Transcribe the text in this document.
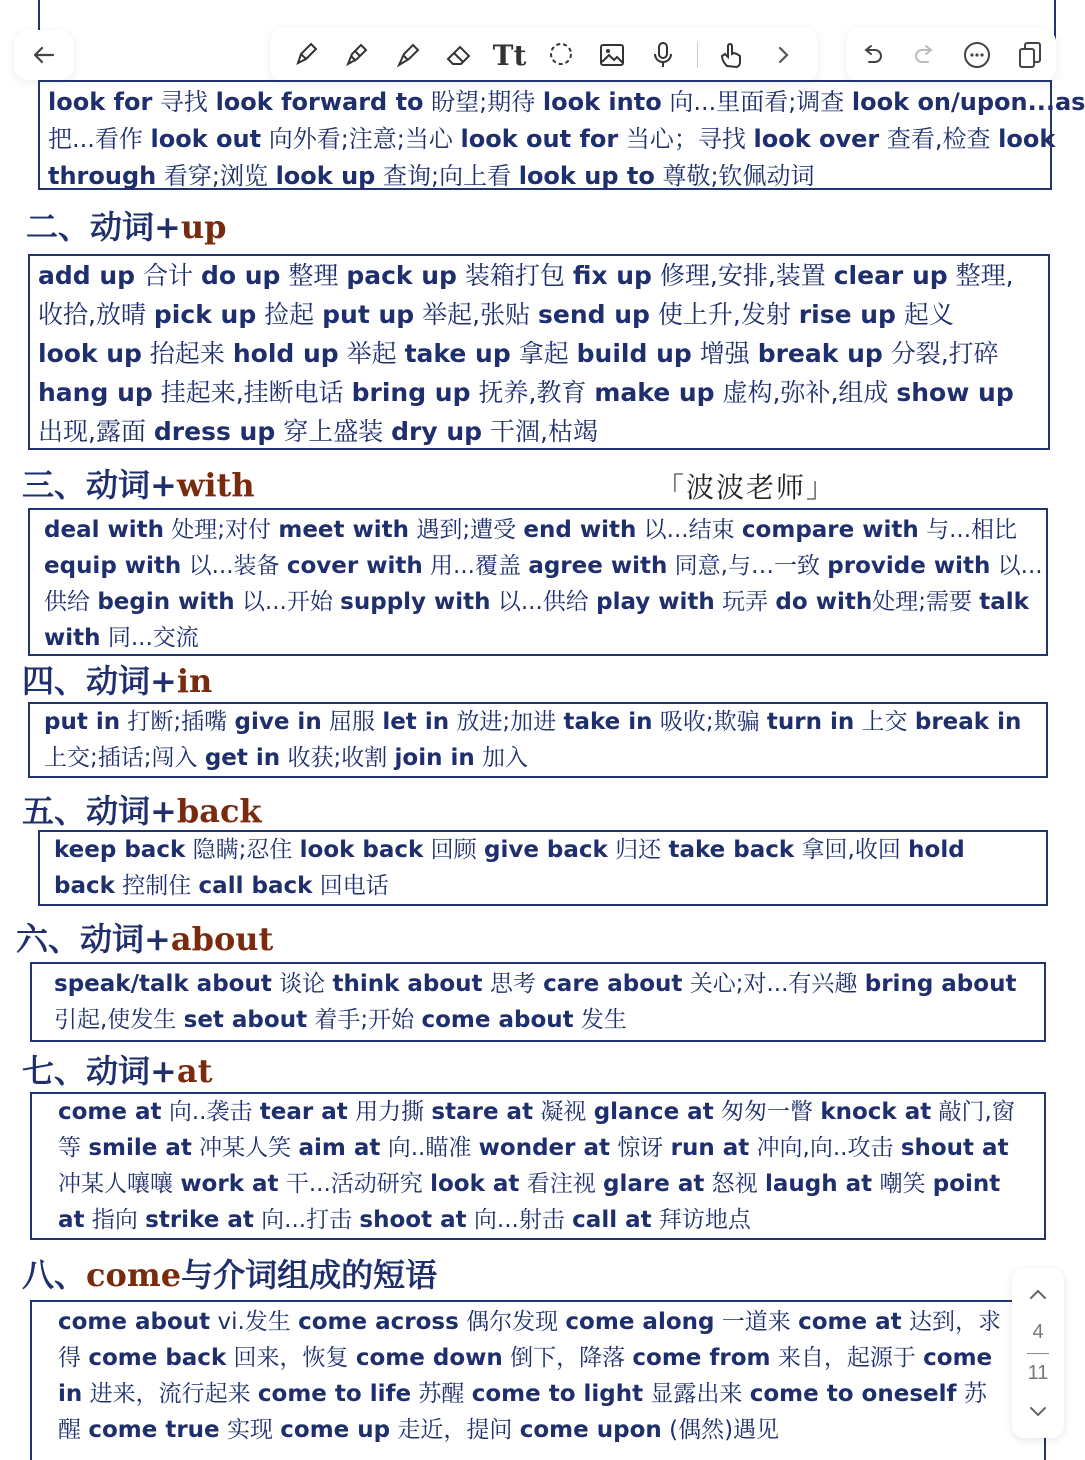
Tt

look for 寻找 look forward to 盼望;期待 look into 向...里面看;调查 look on/upon...as

把...看作 look out 向外看;注意;当心 look out for 当心；寻找 look over 查看,检查 look

through 看穿;浏览 look up 查询;向上看 look up to 尊敬;钦佩动词

二、动词+up

add up 合计 do up 整理 pack up 装箱打包 fix up 修理,安排,装置 clear up 整理,

收拾,放晴 pick up 捡起 put up 举起,张贴 send up 使上升,发射 rise up 起义

look up 抬起来 hold up 举起 take up 拿起 build up 增强 break up 分裂,打碎

hang up 挂起来,挂断电话 bring up 抚养,教育 make up 虚构,弥补,组成 show up

出现,露面 dress up 穿上盛装 dry up 干涸,枯竭

三、动词+with	「波波老师」

deal with 处理;对付 meet with 遇到;遭受 end with 以...结束 compare with 与...相比

equip with 以...装备 cover with 用...覆盖 agree with 同意,与…一致 provide with 以...

供给 begin with 以...开始 supply with 以...供给 play with 玩弄 do with处理;需要 talk

with 同...交流

四、动词+in

put in 打断;插嘴 give in 屈服 let in 放进;加进 take in 吸收;欺骗 turn in 上交 break in

上交;插话;闯入 get in 收获;收割 join in 加入

五、动词+back

keep back 隐瞒;忍住 look back 回顾 give back 归还 take back 拿回,收回 hold

back 控制住 call back 回电话

六、动词+about

speak/talk about 谈论 think about 思考 care about 关心;对...有兴趣 bring about

引起,使发生 set about 着手;开始 come about 发生

七、动词+at

come at 向..袭击 tear at 用力撕 stare at 凝视 glance at 匆匆一瞥 knock at 敲门,窗

等 smile at 冲某人笑 aim at 向..瞄准 wonder at 惊讶 run at 冲向,向..攻击 shout at

冲某人嚷嚷 work at 干...活动研究 look at 看注视 glare at 怒视 laugh at 嘲笑 point

at 指向 strike at 向...打击 shoot at 向...射击 call at 拜访地点

八、come与介词组成的短语

come about vi.发生 come across 偶尔发现 come along 一道来 come at 达到，求

得 come back 回来，恢复 come down 倒下，降落 come from 来自，起源于 come

in 进来，流行起来 come to life 苏醒 come to light 显露出来 come to oneself 苏

醒 come true 实现 come up 走近，提问 come upon (偶然)遇见

4
11
